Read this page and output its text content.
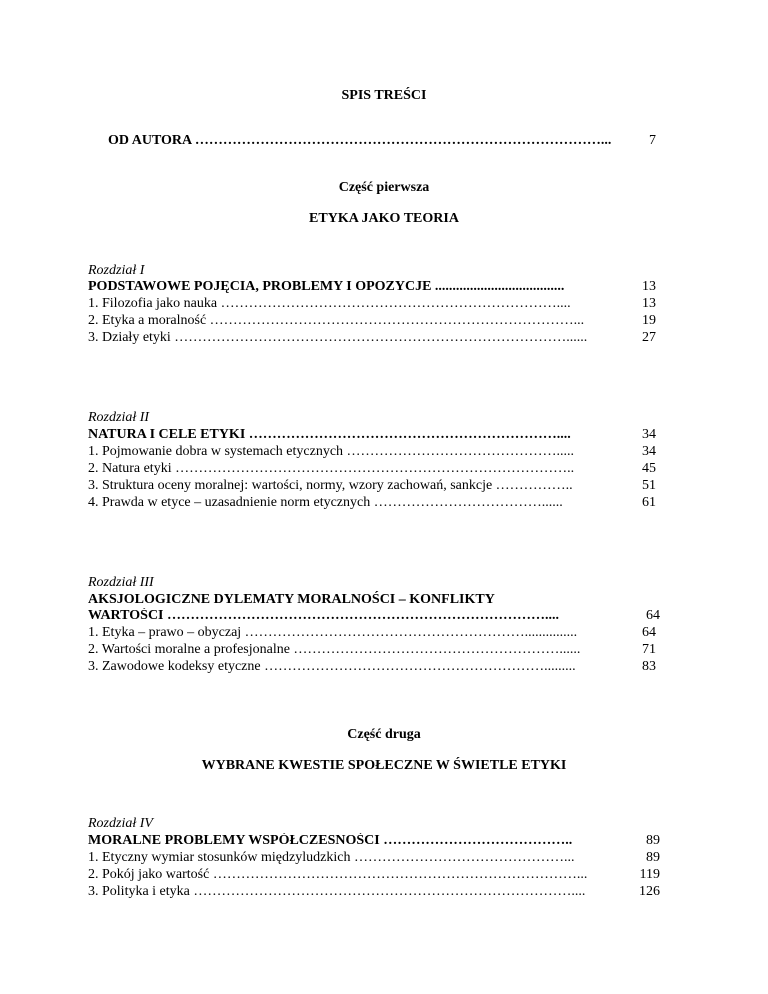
SPIS TREŚCI
OD AUTORA ……………………………………………………………………………...	7
Część pierwsza
ETYKA JAKO TEORIA
Rozdział I
PODSTAWOWE POJĘCIA, PROBLEMY I OPOZYCJE .....................................	13
1. Filozofia jako nauka ………………………………………………………………....	13
2. Etyka a moralność ……………………………………………………………………...	19
3. Działy etyki …………………………………………………………………………......	27
Rozdział II
NATURA I CELE ETYKI …………………………………………………………....	34
1. Pojmowanie dobra w systemach etycznych ……………………………………….....	34
2. Natura etyki …………………………………………………………………………..	45
3. Struktura oceny moralnej: wartości, normy, wzory zachowań, sankcje ……………..	51
4. Prawda w etyce – uzasadnienie norm etycznych ………………………………......	61
Rozdział III
AKSJOLOGICZNE DYLEMATY MORALNOŚCI – KONFLIKTY
WARTOŚCI ………………………………………………………………………....	64
1. Etyka – prawo – obyczaj ……………………………………………………...............	64
2. Wartości moralne a profesjonalne …………………………………………………......	71
3. Zawodowe kodeksy etyczne …………………………………………………….........	83
Część druga
WYBRANE KWESTIE SPOŁECZNE W ŚWIETLE ETYKI
Rozdział IV
MORALNE PROBLEMY WSPÓŁCZESNOŚCI …………………………………..	89
1. Etyczny wymiar stosunków międzyludzkich ………………………………………...	89
2. Pokój jako wartość ……………………………………………………………………...	119
3. Polityka i etyka ………………………………………………………………………....	126
